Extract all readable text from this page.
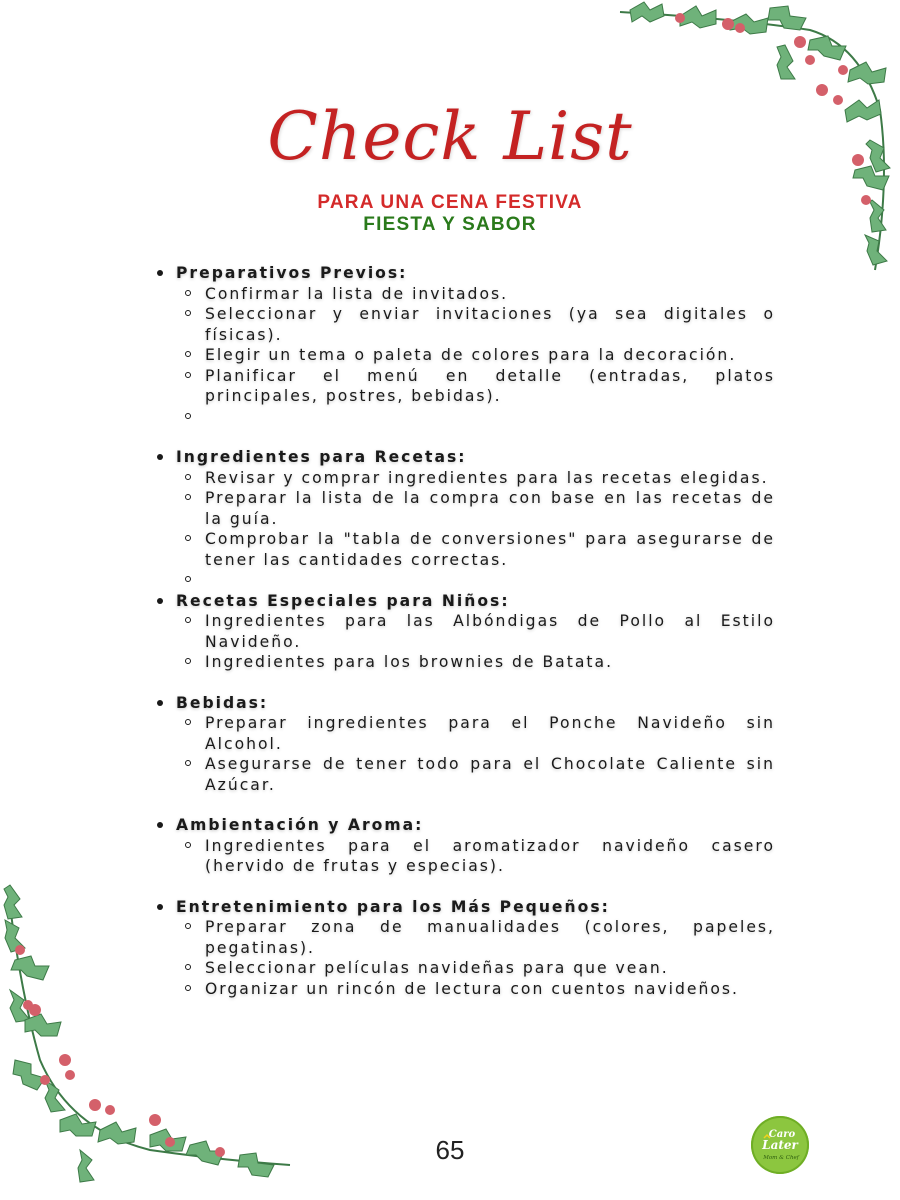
Check List
PARA UNA CENA FESTIVA
FIESTA Y SABOR
Preparativos Previos:
Confirmar la lista de invitados.
Seleccionar y enviar invitaciones (ya sea digitales o físicas).
Elegir un tema o paleta de colores para la decoración.
Planificar el menú en detalle (entradas, platos principales, postres, bebidas).
Ingredientes para Recetas:
Revisar y comprar ingredientes para las recetas elegidas.
Preparar la lista de la compra con base en las recetas de la guía.
Comprobar la "tabla de conversiones" para asegurarse de tener las cantidades correctas.
Recetas Especiales para Niños:
Ingredientes para las Albóndigas de Pollo al Estilo Navideño.
Ingredientes para los brownies de Batata.
Bebidas:
Preparar ingredientes para el Ponche Navideño sin Alcohol.
Asegurarse de tener todo para el Chocolate Caliente sin Azúcar.
Ambientación y Aroma:
Ingredientes para el aromatizador navideño casero (hervido de frutas y especias).
Entretenimiento para los Más Pequeños:
Preparar zona de manualidades (colores, papeles, pegatinas).
Seleccionar películas navideñas para que vean.
Organizar un rincón de lectura con cuentos navideños.
65
Caro
Later
Mom & Chef
